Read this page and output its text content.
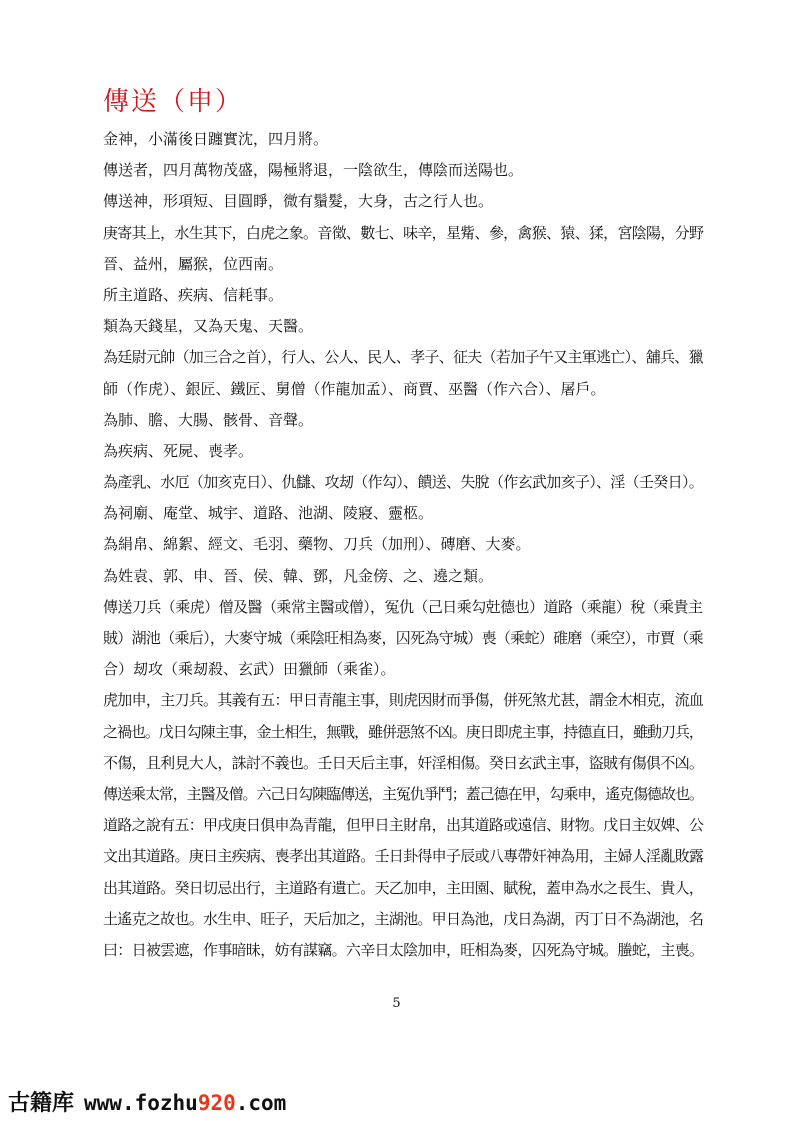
傳送（申）

金神，小滿後日躔實沈，四月將。

傳送者，四月萬物茂盛，陽極將退，一陰欲生，傳陰而送陽也。

傳送神，形項短、目圓睜，微有鬚髮，大身，古之行人也。

庚寄其上，水生其下，白虎之象。音徵、數七、味辛，星觜、參，禽猴、猿、猱，宮陰陽，分野

晉、益州，屬猴，位西南。

所主道路、疾病、信耗事。

類為天錢星，又為天鬼、天醫。

為廷尉元帥（加三合之首），行人、公人、民人、孝子、征夫（若加子午又主軍逃亡）、舖兵、獵

師（作虎）、銀匠、鐵匠、舅僧（作龍加孟）、商賈、巫醫（作六合）、屠戶。

為肺、膽、大腸、骸骨、音聲。

為疾病、死屍、喪孝。

為產乳、水厄（加亥克日）、仇讎、攻刼（作勾）、饋送、失脫（作玄武加亥子）、淫（壬癸日）。

為祠廟、庵堂、城宇、道路、池湖、陵寢、靈柩。

為絹帛、綿絮、經文、毛羽、藥物、刀兵（加刑）、磚磨、大麥。

為姓袁、郭、申、晉、侯、韓、鄧，凡金傍、之、遶之類。

傳送刀兵（乘虎）僧及醫（乘常主醫或僧），冤仇（己日乘勾兙德也）道路（乘龍）稅（乘貴主

賊）湖池（乘后），大麥守城（乘陰旺相為麥，囚死為守城）喪（乘蛇）碓磨（乘空），市賈（乘

合）刼攻（乘刼殺、玄武）田獵師（乘雀）。

虎加申，主刀兵。其義有五：甲日青龍主事，則虎因財而爭傷，併死煞尤甚，謂金木相克，流血

之禍也。戊日勾陳主事，金土相生，無戰，雖併惡煞不凶。庚日即虎主事，持德直日，雖動刀兵，

不傷，且利見大人，誅討不義也。壬日天后主事，奸淫相傷。癸日玄武主事，盜賊有傷俱不凶。

傳送乘太常，主醫及僧。六己日勾陳臨傳送，主冤仇爭鬥；蓋己德在甲，勾乘申，遙克傷德故也。

道路之說有五：甲戌庚日俱申為青龍，但甲日主財帛，出其道路或遠信、財物。戊日主奴婢、公

文出其道路。庚日主疾病、喪孝出其道路。壬日卦得申子辰或八專帶奸神為用，主婦人淫亂敗露

出其道路。癸日切忌出行，主道路有遺亡。天乙加申，主田園、賦稅，蓋申為水之長生、貴人，

土遙克之故也。水生申、旺子，天后加之，主湖池。甲日為池，戊日為湖，丙丁日不為湖池，名

曰：日被雲遮，作事暗昧，妨有謀竊。六辛日太陰加申，旺相為麥，囚死為守城。螣蛇，主喪。

5
古籍库 www.fozhu920.com
